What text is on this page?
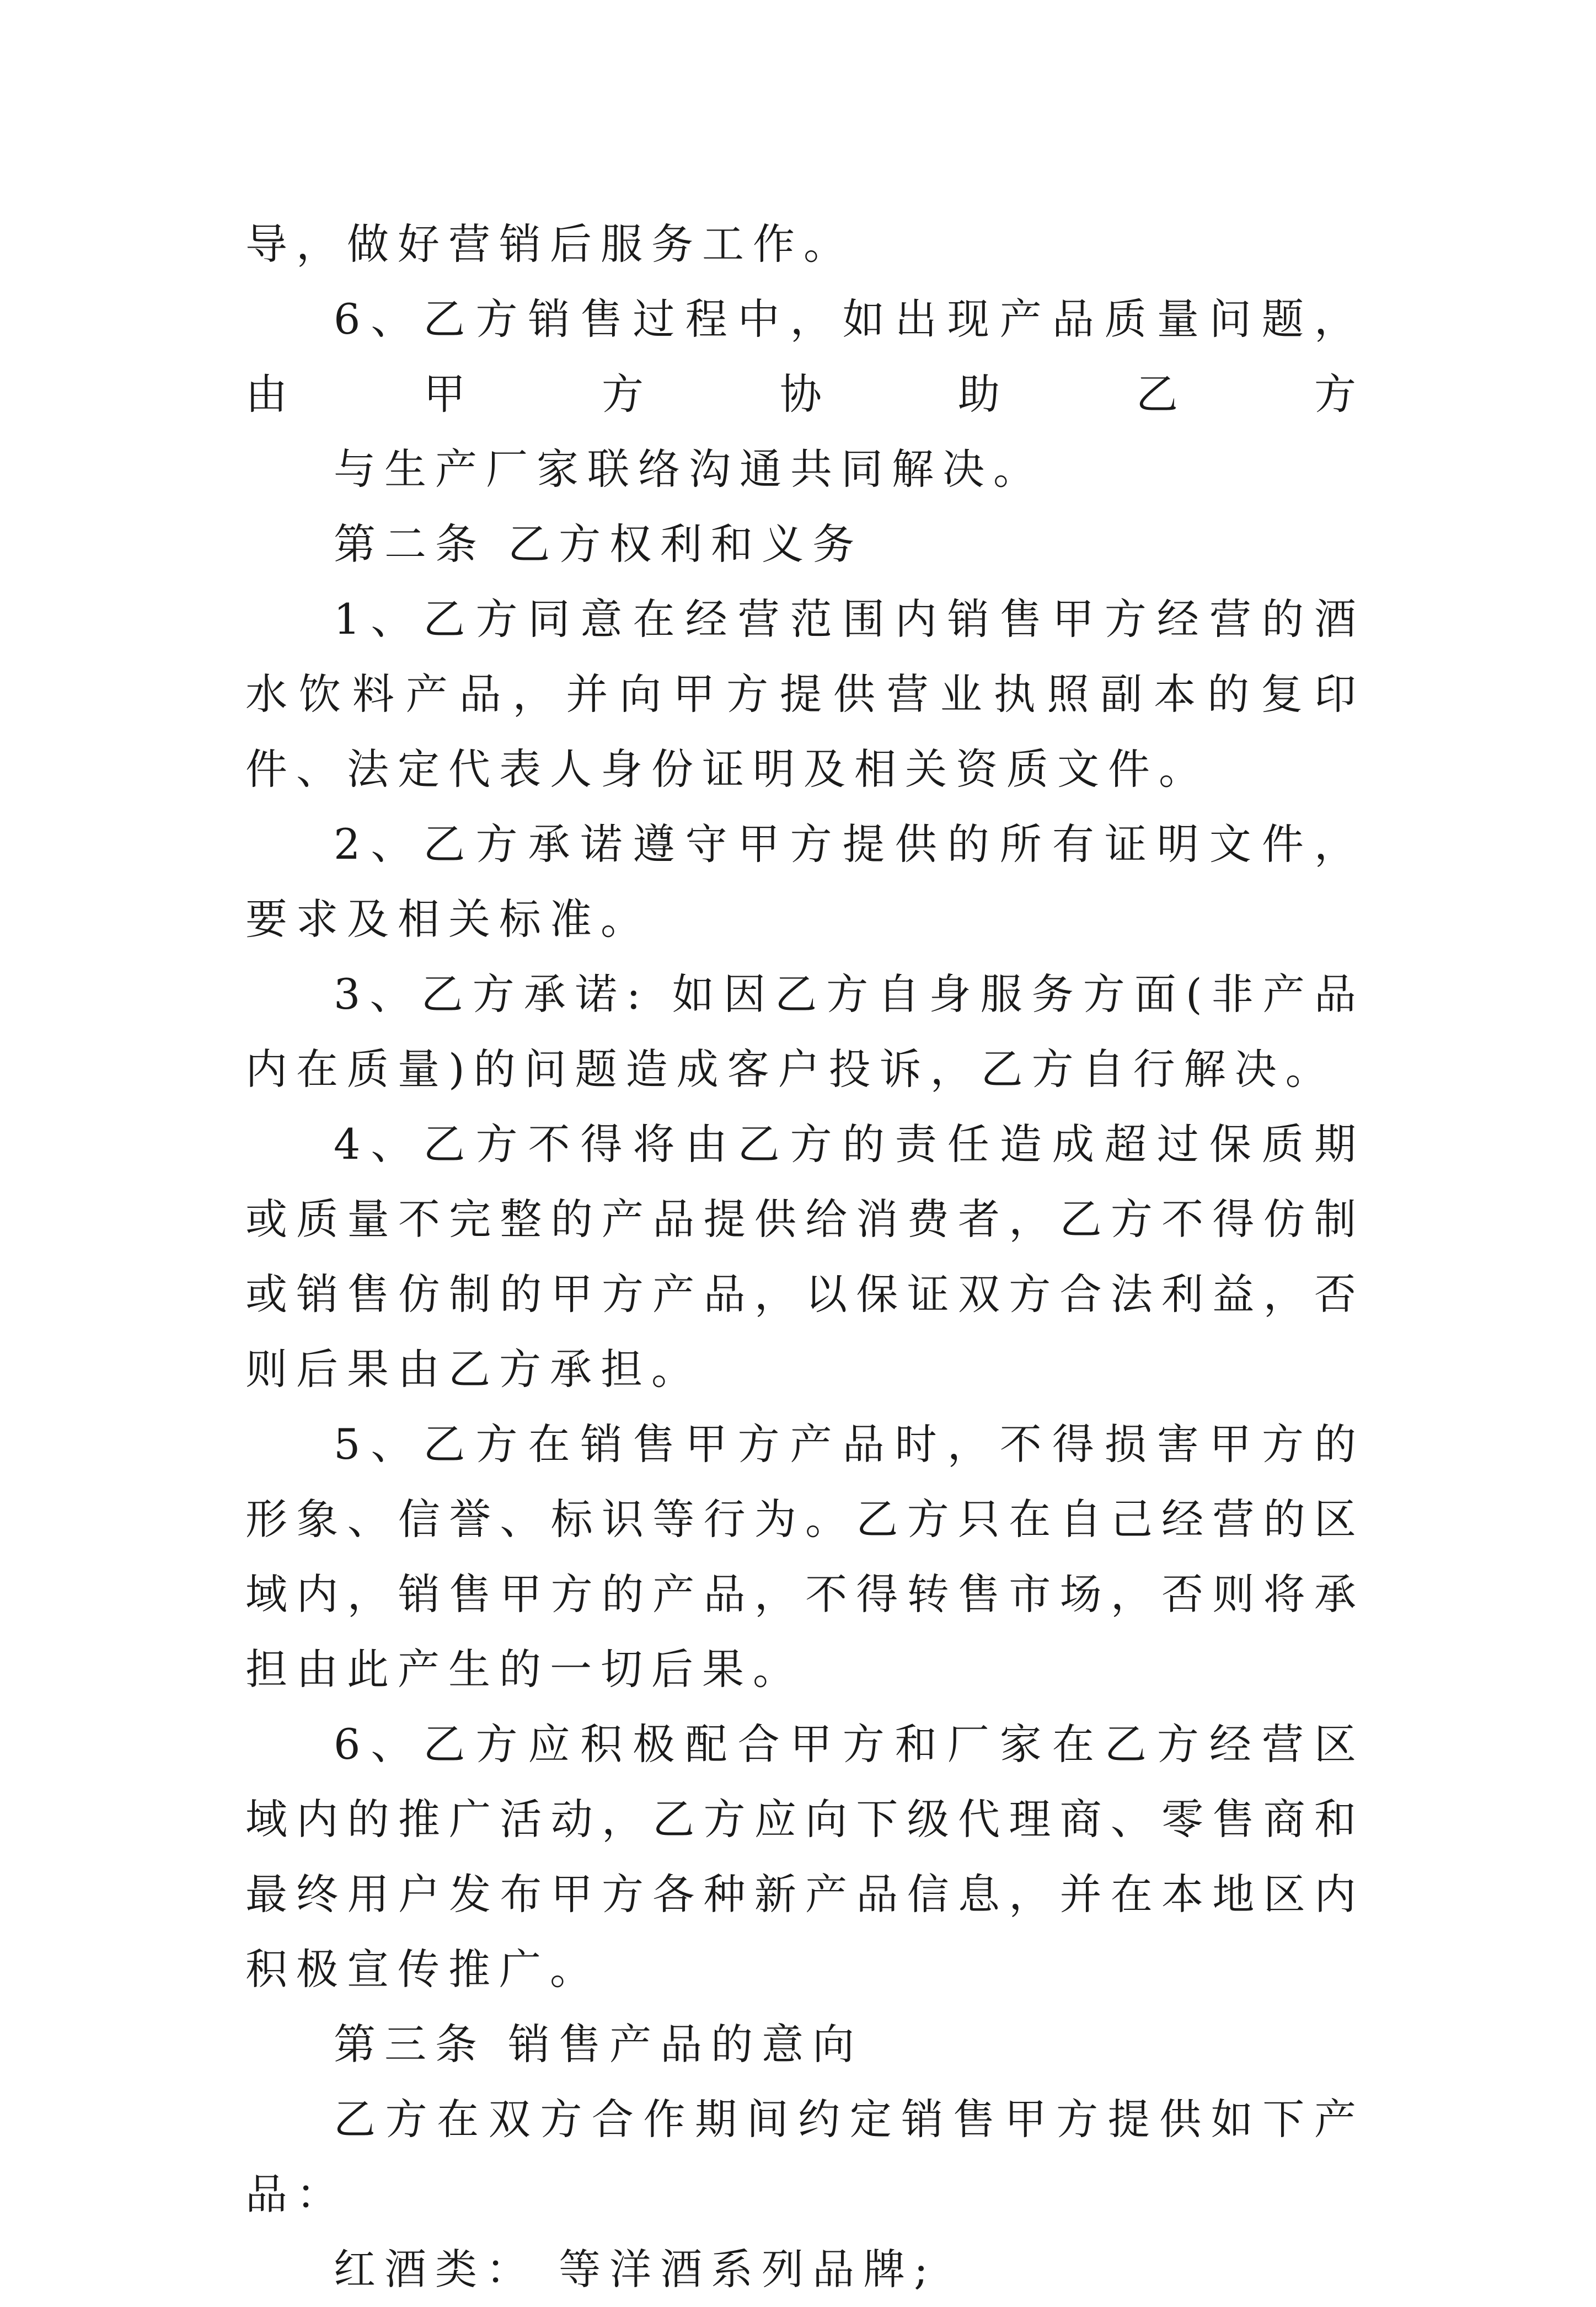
导，做好营销后服务工作。

6、乙方销售过程中，如出现产品质量问题，由甲方协助乙方

与生产厂家联络沟通共同解决。

第二条 乙方权利和义务

1、乙方同意在经营范围内销售甲方经营的酒水饮料产品，并向甲方提供营业执照副本的复印件、法定代表人身份证明及相关资质文件。

2、乙方承诺遵守甲方提供的所有证明文件，要求及相关标准。

3、乙方承诺: 如因乙方自身服务方面(非产品内在质量)的问题造成客户投诉，乙方自行解决。

4、乙方不得将由乙方的责任造成超过保质期或质量不完整的产品提供给消费者，乙方不得仿制或销售仿制的甲方产品，以保证双方合法利益，否则后果由乙方承担。

5、乙方在销售甲方产品时，不得损害甲方的形象、信誉、标识等行为。乙方只在自己经营的区域内，销售甲方的产品，不得转售市场，否则将承担由此产生的一切后果。

6、乙方应积极配合甲方和厂家在乙方经营区域内的推广活动，乙方应向下级代理商、零售商和最终用户发布甲方各种新产品信息，并在本地区内积极宣传推广。

第三条 销售产品的意向

乙方在双方合作期间约定销售甲方提供如下产品：

红酒类： 等洋酒系列品牌;
